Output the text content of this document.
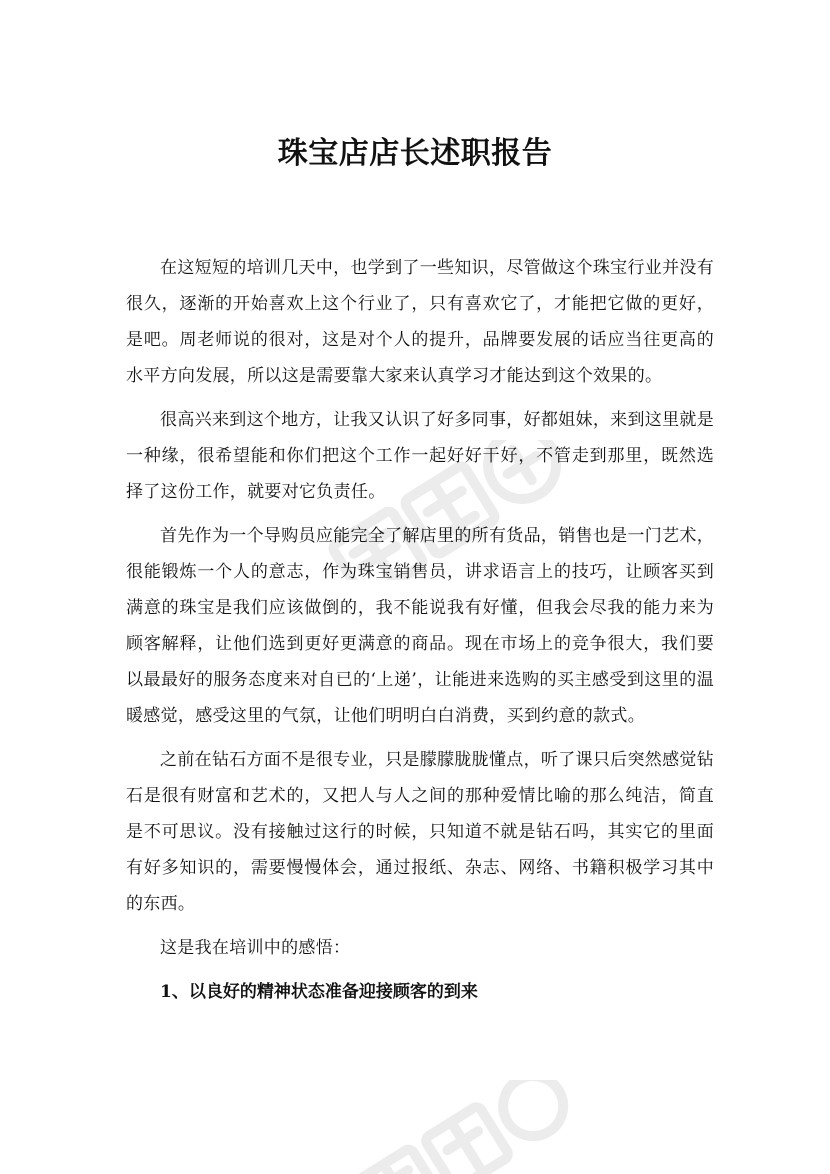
珠宝店店长述职报告

在这短短的培训几天中，也学到了一些知识，尽管做这个珠宝行业并没有很久，逐渐的开始喜欢上这个行业了，只有喜欢它了，才能把它做的更好，是吧。周老师说的很对，这是对个人的提升，品牌要发展的话应当往更高的水平方向发展，所以这是需要靠大家来认真学习才能达到这个效果的。

很高兴来到这个地方，让我又认识了好多同事，好都姐妹，来到这里就是一种缘，很希望能和你们把这个工作一起好好干好，不管走到那里，既然选择了这份工作，就要对它负责任。

首先作为一个导购员应能完全了解店里的所有货品，销售也是一门艺术，很能锻炼一个人的意志，作为珠宝销售员，讲求语言上的技巧，让顾客买到满意的珠宝是我们应该做倒的，我不能说我有好懂，但我会尽我的能力来为顾客解释，让他们选到更好更满意的商品。现在市场上的竞争很大，我们要以最最好的服务态度来对自已的‘上递’，让能进来选购的买主感受到这里的温暖感觉，感受这里的气氛，让他们明明白白消费，买到约意的款式。

之前在钻石方面不是很专业，只是朦朦胧胧懂点，听了课只后突然感觉钻石是很有财富和艺术的，又把人与人之间的那种爱情比喻的那么纯洁，简直是不可思议。没有接触过这行的时候，只知道不就是钻石吗，其实它的里面有好多知识的，需要慢慢体会，通过报纸、杂志、网络、书籍积极学习其中的东西。

这是我在培训中的感悟：

1、以良好的精神状态准备迎接顾客的到来
